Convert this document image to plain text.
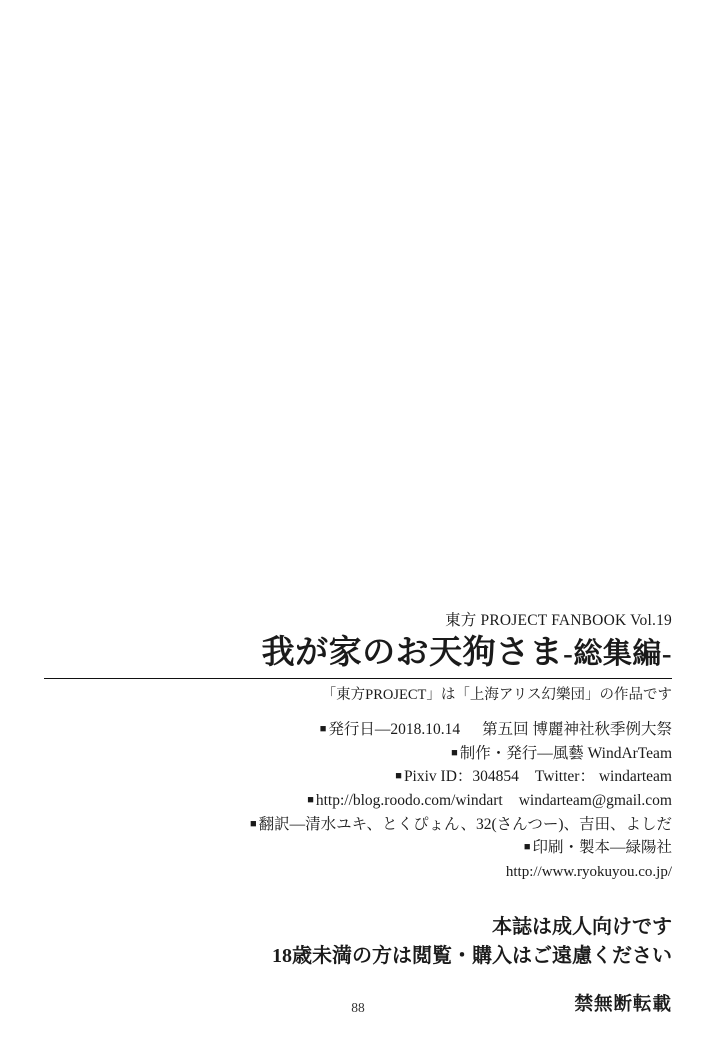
東方 PROJECT FANBOOK Vol.19
我が家のお天狗さま-総集編-
「東方PROJECT」は「上海アリス幻樂団」の作品です
■ 発行日―2018.10.14 第五回 博麗神社秋季例大祭
■ 制作・発行―風藝 WindArTeam
■ Pixiv ID：304854 Twitter： windarteam
■ http://blog.roodo.com/windart windarteam@gmail.com
■ 翻訳―清水ユキ、とくぴょん、32(さんつー)、吉田、よしだ
■ 印刷・製本―緑陽社
http://www.ryokuyou.co.jp/
本誌は成人向けです
18歳未満の方は閲覧・購入はご遠慮ください
禁無断転載
88
